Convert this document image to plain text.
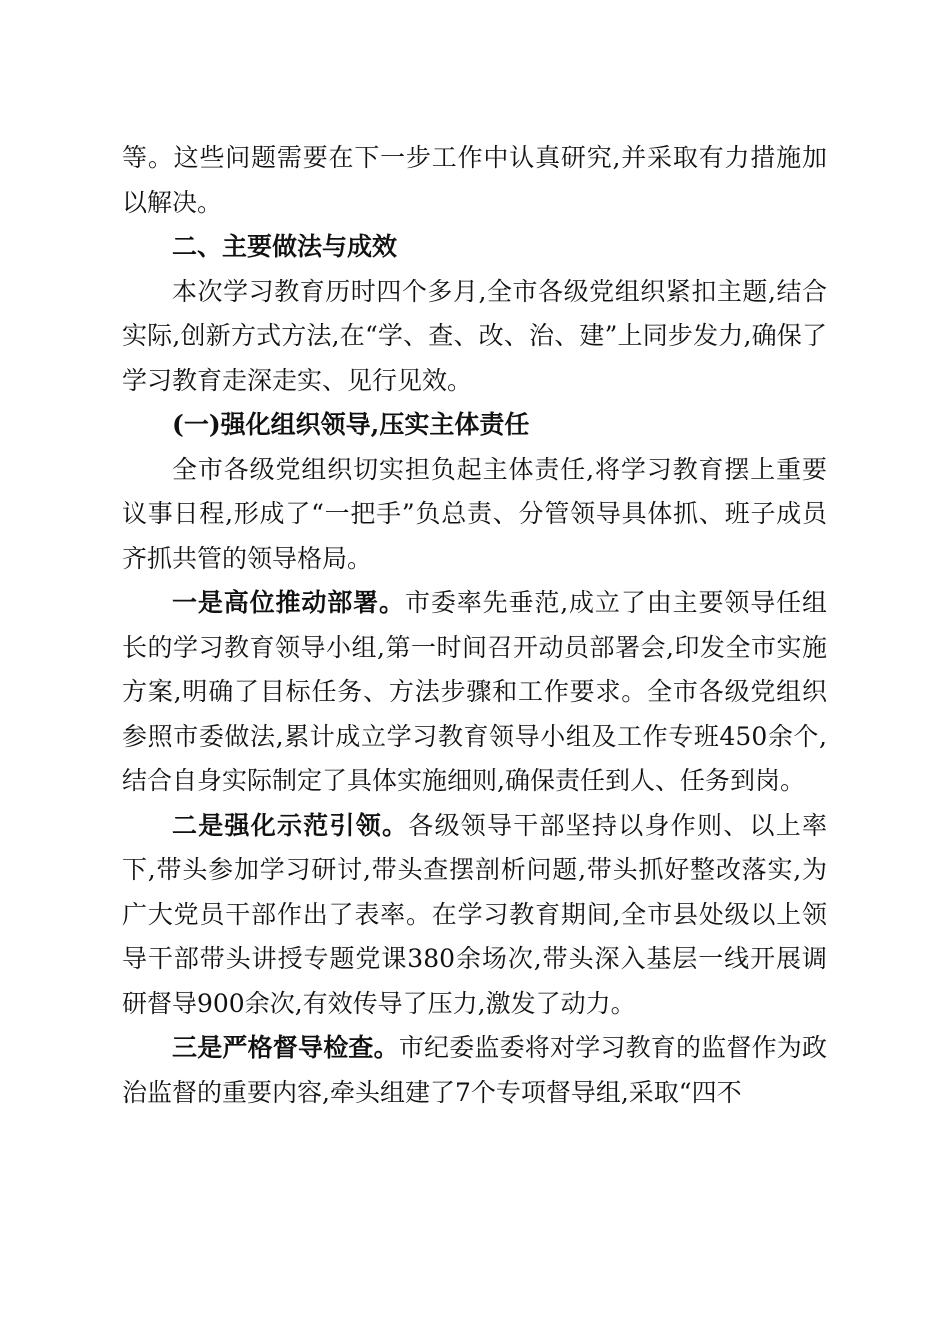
等。这些问题需要在下一步工作中认真研究,并采取有力措施加以解决。

二、主要做法与成效

本次学习教育历时四个多月,全市各级党组织紧扣主题,结合实际,创新方式方法,在“学、查、改、治、建”上同步发力,确保了学习教育走深走实、见行见效。

(一)强化组织领导,压实主体责任

全市各级党组织切实担负起主体责任,将学习教育摆上重要议事日程,形成了“一把手”负总责、分管领导具体抓、班子成员齐抓共管的领导格局。

一是高位推动部署。市委率先垂范,成立了由主要领导任组长的学习教育领导小组,第一时间召开动员部署会,印发全市实施方案,明确了目标任务、方法步骤和工作要求。全市各级党组织参照市委做法,累计成立学习教育领导小组及工作专班450余个,结合自身实际制定了具体实施细则,确保责任到人、任务到岗。

二是强化示范引领。各级领导干部坚持以身作则、以上率下,带头参加学习研讨,带头查摆剖析问题,带头抓好整改落实,为广大党员干部作出了表率。在学习教育期间,全市县处级以上领导干部带头讲授专题党课380余场次,带头深入基层一线开展调研督导900余次,有效传导了压力,激发了动力。

三是严格督导检查。市纪委监委将对学习教育的监督作为政治监督的重要内容,牵头组建了7个专项督导组,采取“四不
